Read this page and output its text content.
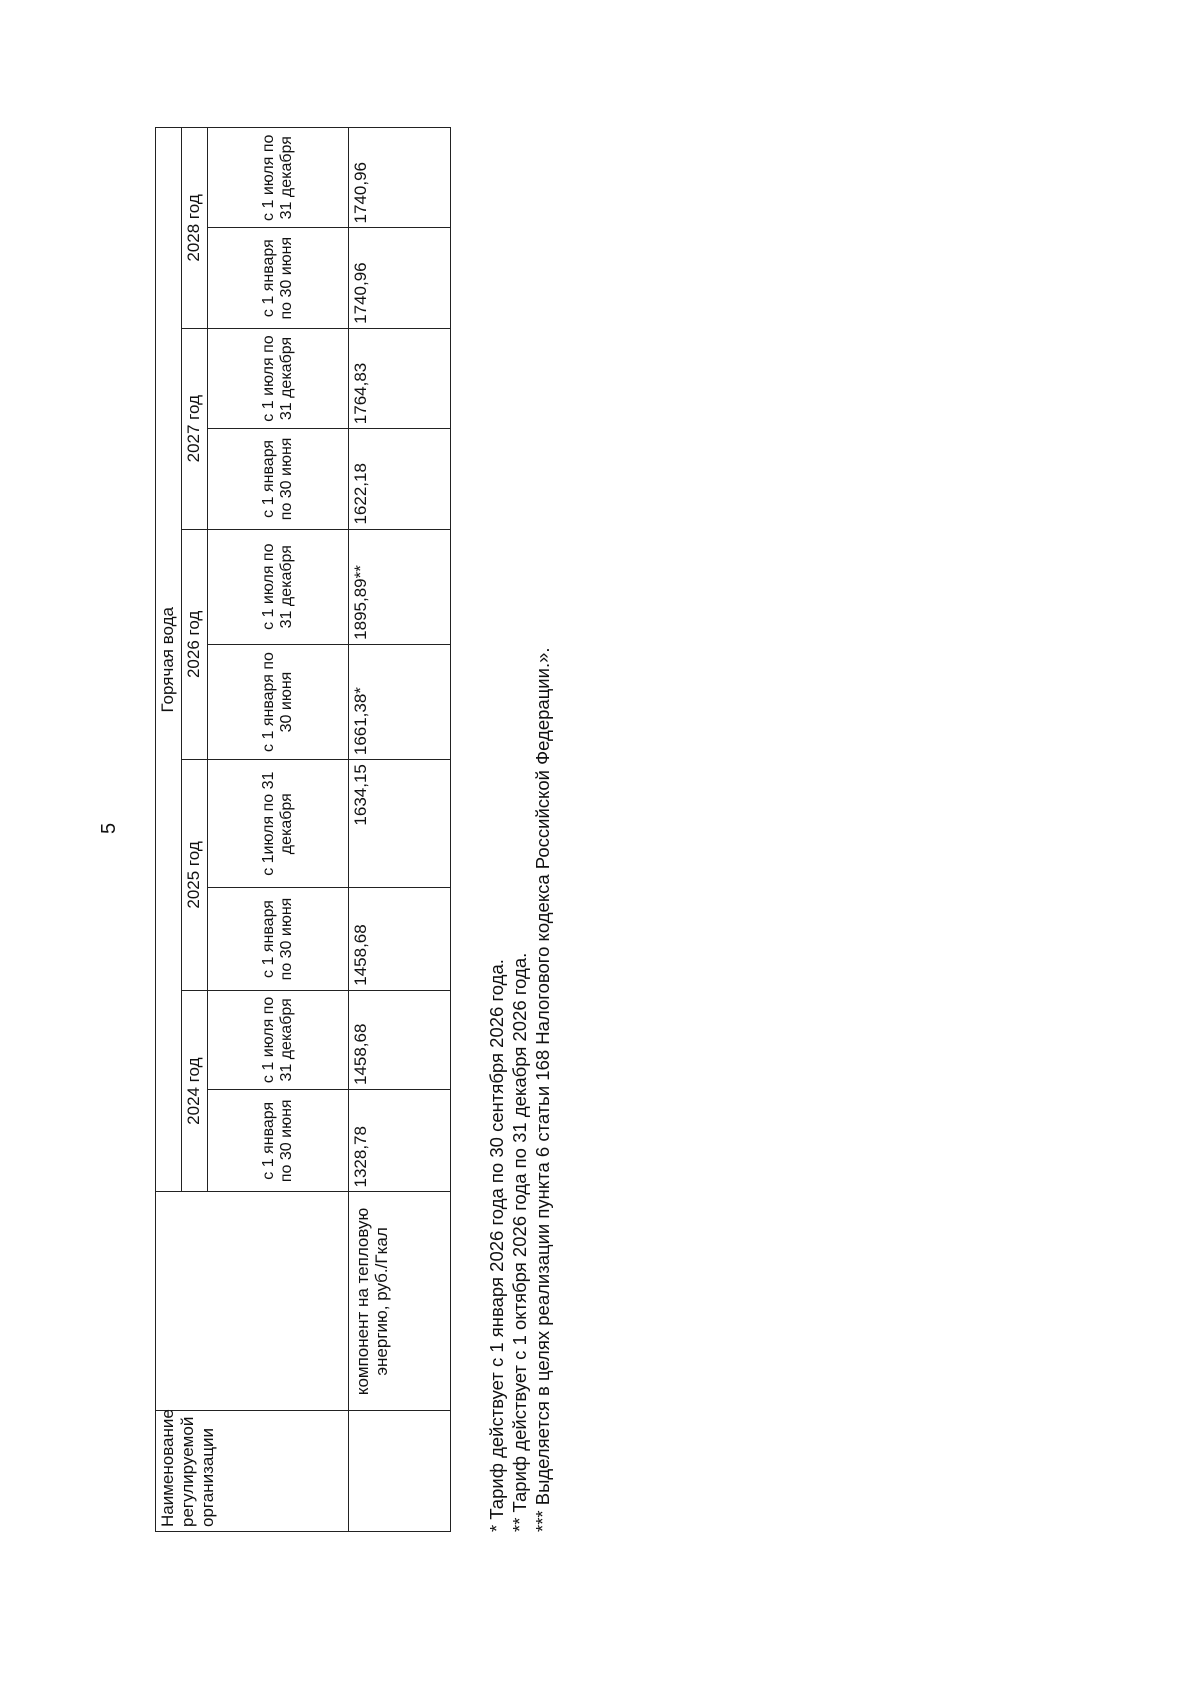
5
Наименование регулируемой организации		Горячая вода									
		2024 год		2025 год		2026 год		2027 год		2028 год	
		с 1 января по 30 июня	с 1 июля по 31 декабря	с 1 января по 30 июня	с 1июля по 31 декабря	с 1 января по 30 июня	с 1 июля по 31 декабря	с 1 января по 30 июня	с 1 июля по 31 декабря	с 1 января по 30 июня	с 1 июля по 31 декабря
	компонент на тепловую энергию, руб./Гкал	1328,78	1458,68	1458,68	1634,15	1661,38*	1895,89**	1622,18	1764,83	1740,96	1740,96
* Тариф действует с 1 января 2026 года по 30 сентября 2026 года. ** Тариф действует с 1 октября 2026 года по 31 декабря 2026 года. *** Выделяется в целях реализации пункта 6 статьи 168 Налогового кодекса Российской Федерации.».
